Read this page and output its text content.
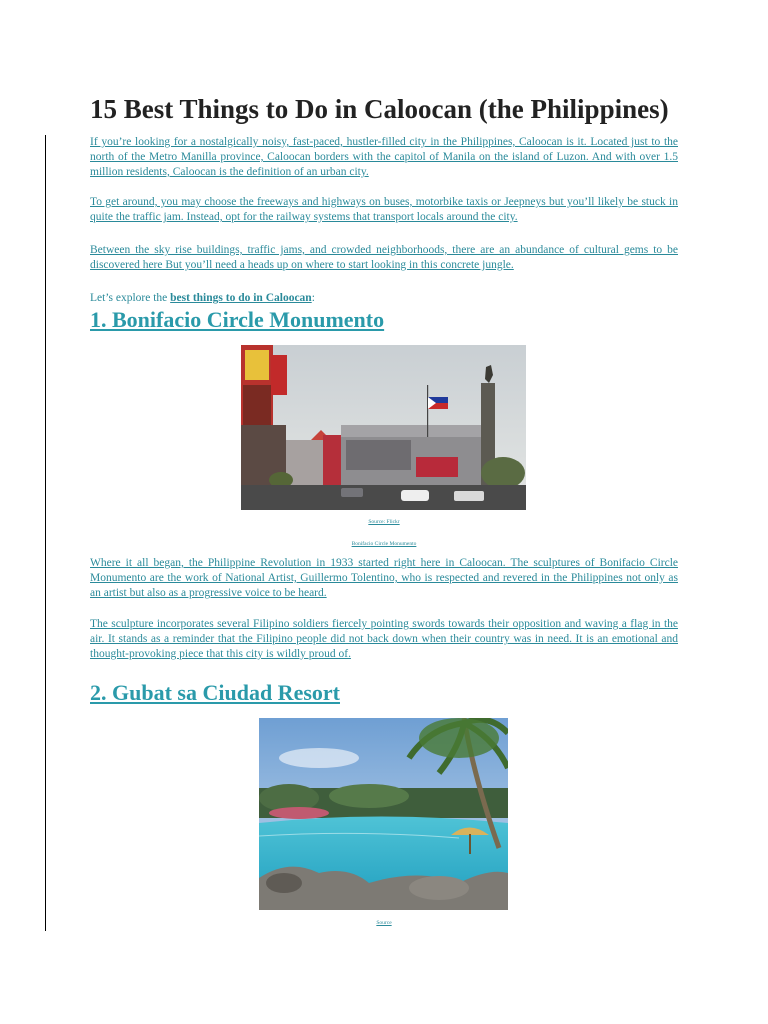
15 Best Things to Do in Caloocan (the Philippines)

If you’re looking for a nostalgically noisy, fast-paced, hustler-filled city in the Philippines, Caloocan is it. Located just to the north of the Metro Manilla province, Caloocan borders with the capitol of Manila on the island of Luzon. And with over 1.5 million residents, Caloocan is the definition of an urban city.

To get around, you may choose the freeways and highways on buses, motorbike taxis or Jeepneys but you’ll likely be stuck in quite the traffic jam. Instead, opt for the railway systems that transport locals around the city.

Between the sky rise buildings, traffic jams, and crowded neighborhoods, there are an abundance of cultural gems to be discovered here But you’ll need a heads up on where to start looking in this concrete jungle.

Let’s explore the best things to do in Caloocan:

1. Bonifacio Circle Monumento
Source: Flickr
Bonifacio Circle Monumento

Where it all began, the Philippine Revolution in 1933 started right here in Caloocan. The sculptures of Bonifacio Circle Monumento are the work of National Artist, Guillermo Tolentino, who is respected and revered in the Philippines not only as an artist but also as a progressive voice to be heard.

The sculpture incorporates several Filipino soldiers fiercely pointing swords towards their opposition and waving a flag in the air. It stands as a reminder that the Filipino people did not back down when their country was in need. It is an emotional and thought-provoking piece that this city is wildly proud of.

2. Gubat sa Ciudad Resort
Source
